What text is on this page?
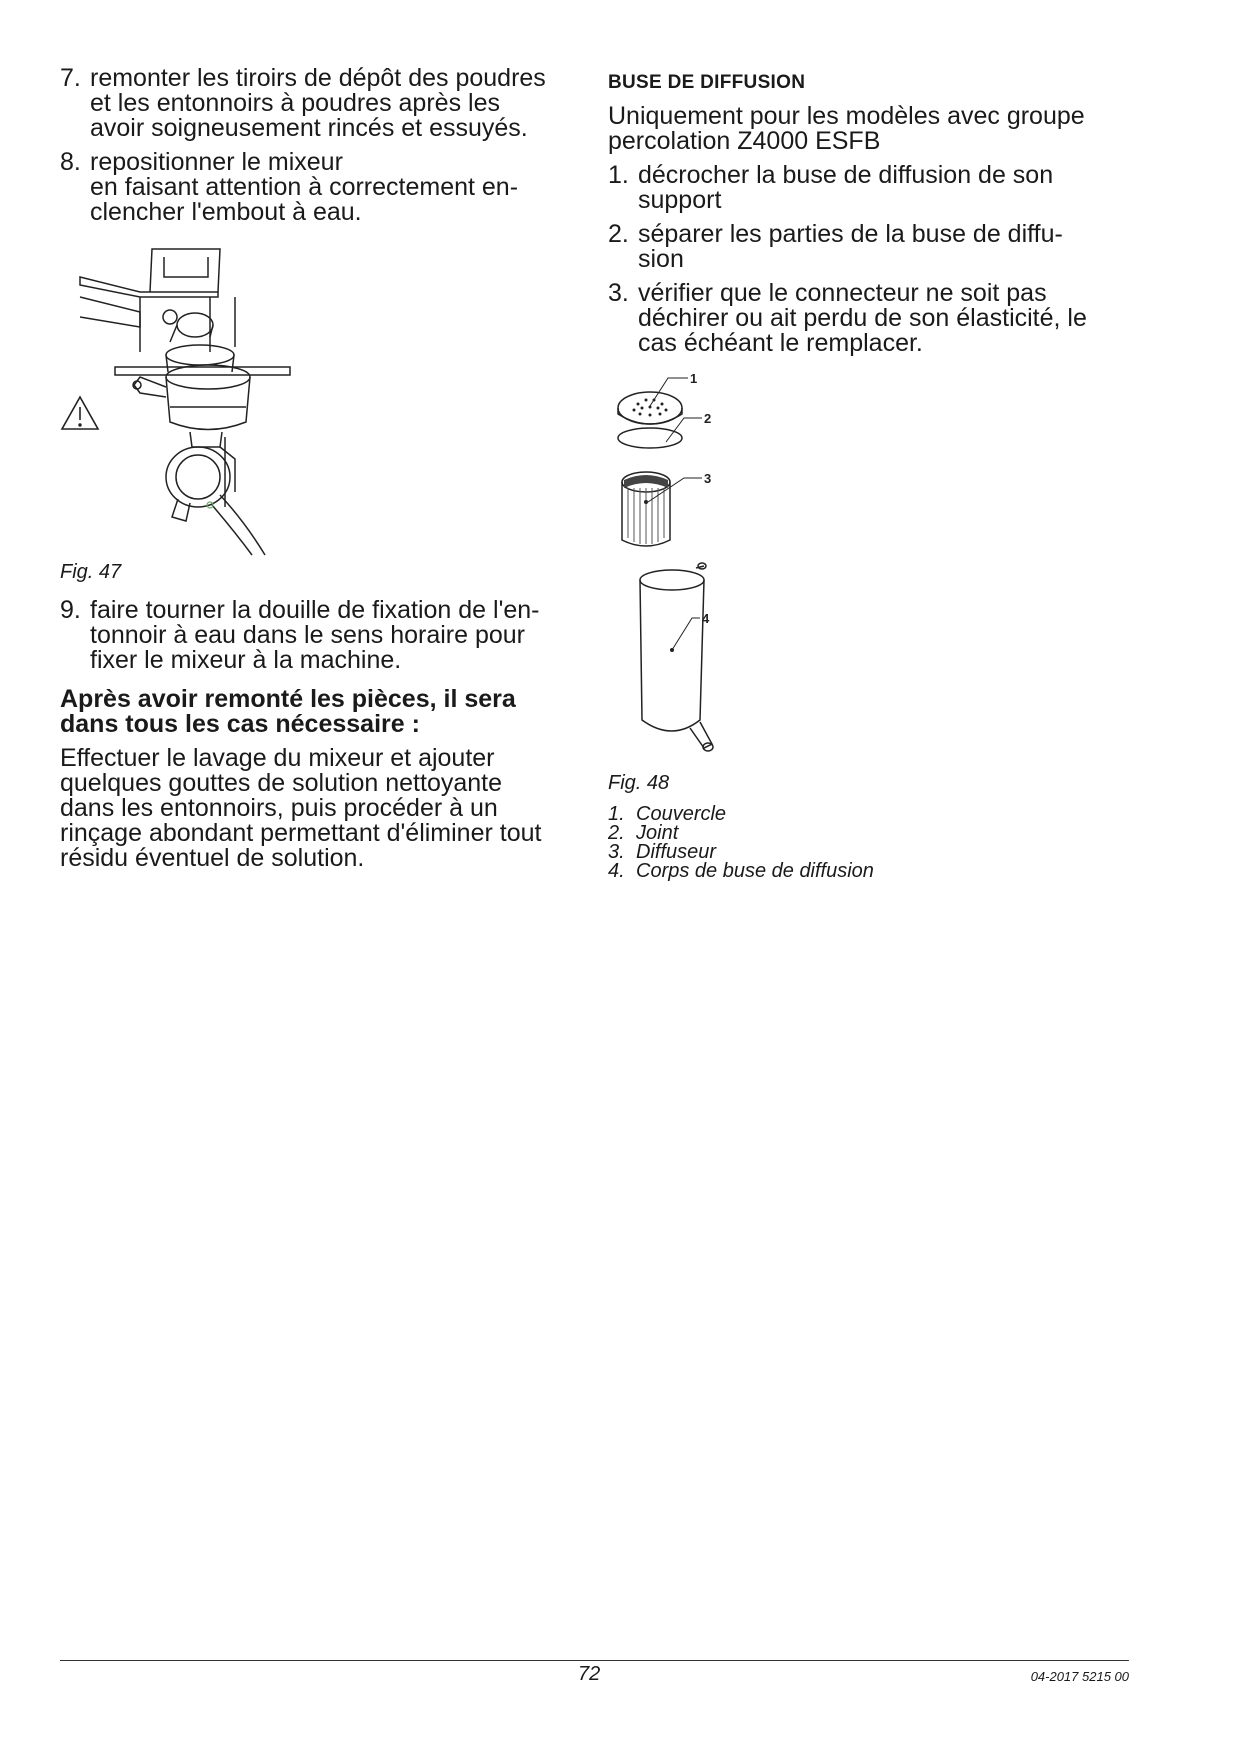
7. remonter les tiroirs de dépôt des poudres
et les entonnoirs à poudres après les
avoir soigneusement rincés et essuyés.
8. repositionner le mixeur
en faisant attention à correctement en-
clencher l'embout à eau.
Fig. 47
9. faire tourner la douille de fixation de l'en-
tonnoir à eau dans le sens horaire pour
fixer le mixeur à la machine.
Après avoir remonté les pièces, il sera
dans tous les cas nécessaire :
Effectuer le lavage du mixeur et ajouter
quelques gouttes de solution nettoyante
dans les entonnoirs, puis procéder à un
rinçage abondant permettant d'éliminer tout
résidu éventuel de solution.
BUSE DE DIFFUSION
Uniquement pour les modèles avec groupe
percolation Z4000 ESFB
1. décrocher la buse de diffusion de son
support
2. séparer les parties de la buse de diffu-
sion
3. vérifier que le connecteur ne soit pas
déchirer ou ait perdu de son élasticité, le
cas échéant le remplacer.
1
2
3
4
Fig. 48
1. Couvercle
2. Joint
3. Diffuseur
4. Corps de buse de diffusion
72	04-2017 5215 00
